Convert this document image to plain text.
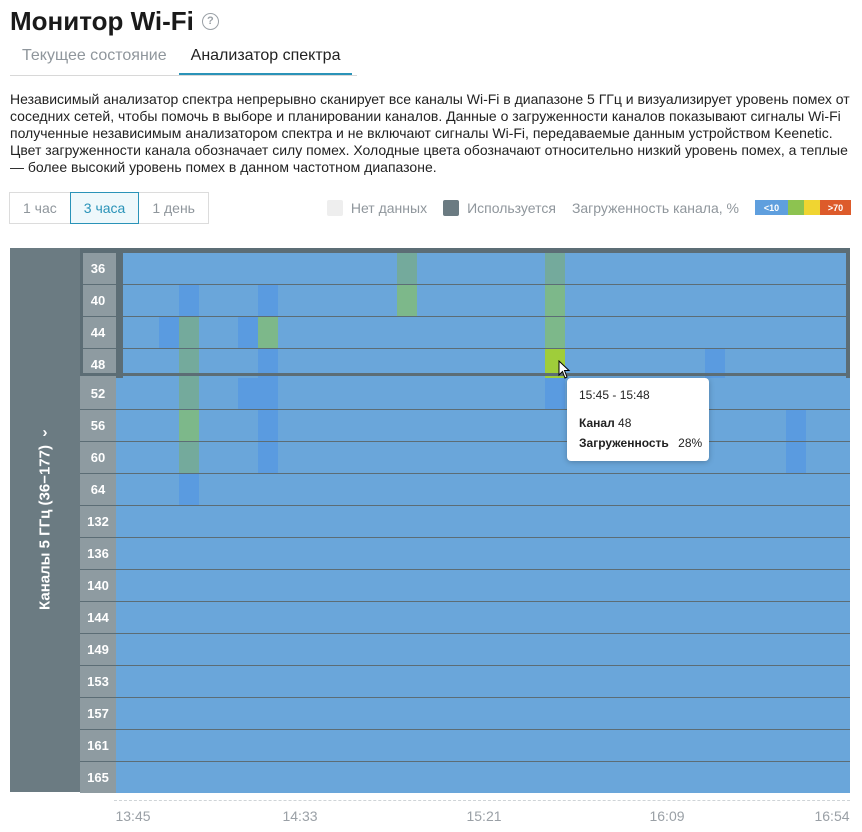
Монитор Wi-Fi	?
Текущее состояние	Анализатор спектра
Независимый анализатор спектра непрерывно сканирует все каналы Wi-Fi в диапазоне 5 ГГц и визуализирует уровень помех от соседних сетей, чтобы помочь в выборе и планировании каналов. Данные о загруженности каналов показывают сигналы Wi-Fi полученные независимым анализатором спектра и не включают сигналы Wi-Fi, передаваемые данным устройством Keenetic. Цвет загруженности канала обозначает силу помех. Холодные цвета обозначают относительно низкий уровень помех, а теплые — более высокий уровень помех в данном частотном диапазоне.
1 час	3 часа	1 день	Нет данных	Используется Загруженность канала, %	<10	>70
Каналы 5 ГГц (36−177)
›
36
40
44
48
52
56
60
64
132
136
140
144
149
153
157
161
165
13:45	14:33	15:21	16:09	16:54
15:45 - 15:48
Канал 48
Загруженность 28%
